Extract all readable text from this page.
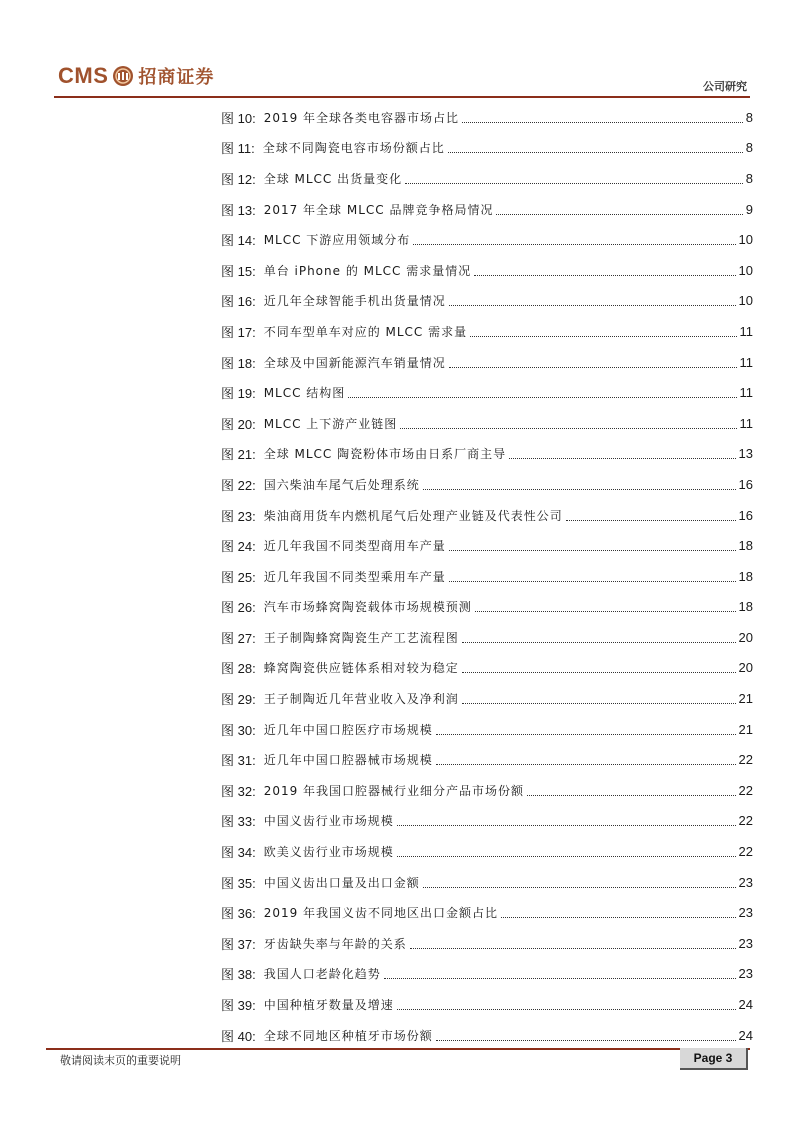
CMS 招商证券	公司研究
图 10: 2019 年全球各类电容器市场占比	8
图 11: 全球不同陶瓷电容市场份额占比	8
图 12: 全球 MLCC 出货量变化	8
图 13: 2017 年全球 MLCC 品牌竞争格局情况	9
图 14: MLCC 下游应用领域分布	10
图 15: 单台 iPhone 的 MLCC 需求量情况	10
图 16: 近几年全球智能手机出货量情况	10
图 17: 不同车型单车对应的 MLCC 需求量	11
图 18: 全球及中国新能源汽车销量情况	11
图 19: MLCC 结构图	11
图 20: MLCC 上下游产业链图	11
图 21: 全球 MLCC 陶瓷粉体市场由日系厂商主导	13
图 22: 国六柴油车尾气后处理系统	16
图 23: 柴油商用货车内燃机尾气后处理产业链及代表性公司	16
图 24: 近几年我国不同类型商用车产量	18
图 25: 近几年我国不同类型乘用车产量	18
图 26: 汽车市场蜂窝陶瓷载体市场规模预测	18
图 27: 王子制陶蜂窝陶瓷生产工艺流程图	20
图 28: 蜂窝陶瓷供应链体系相对较为稳定	20
图 29: 王子制陶近几年营业收入及净利润	21
图 30: 近几年中国口腔医疗市场规模	21
图 31: 近几年中国口腔器械市场规模	22
图 32: 2019 年我国口腔器械行业细分产品市场份额	22
图 33: 中国义齿行业市场规模	22
图 34: 欧美义齿行业市场规模	22
图 35: 中国义齿出口量及出口金额	23
图 36: 2019 年我国义齿不同地区出口金额占比	23
图 37: 牙齿缺失率与年龄的关系	23
图 38: 我国人口老龄化趋势	23
图 39: 中国种植牙数量及增速	24
图 40: 全球不同地区种植牙市场份额	24
敬请阅读末页的重要说明	Page 3
